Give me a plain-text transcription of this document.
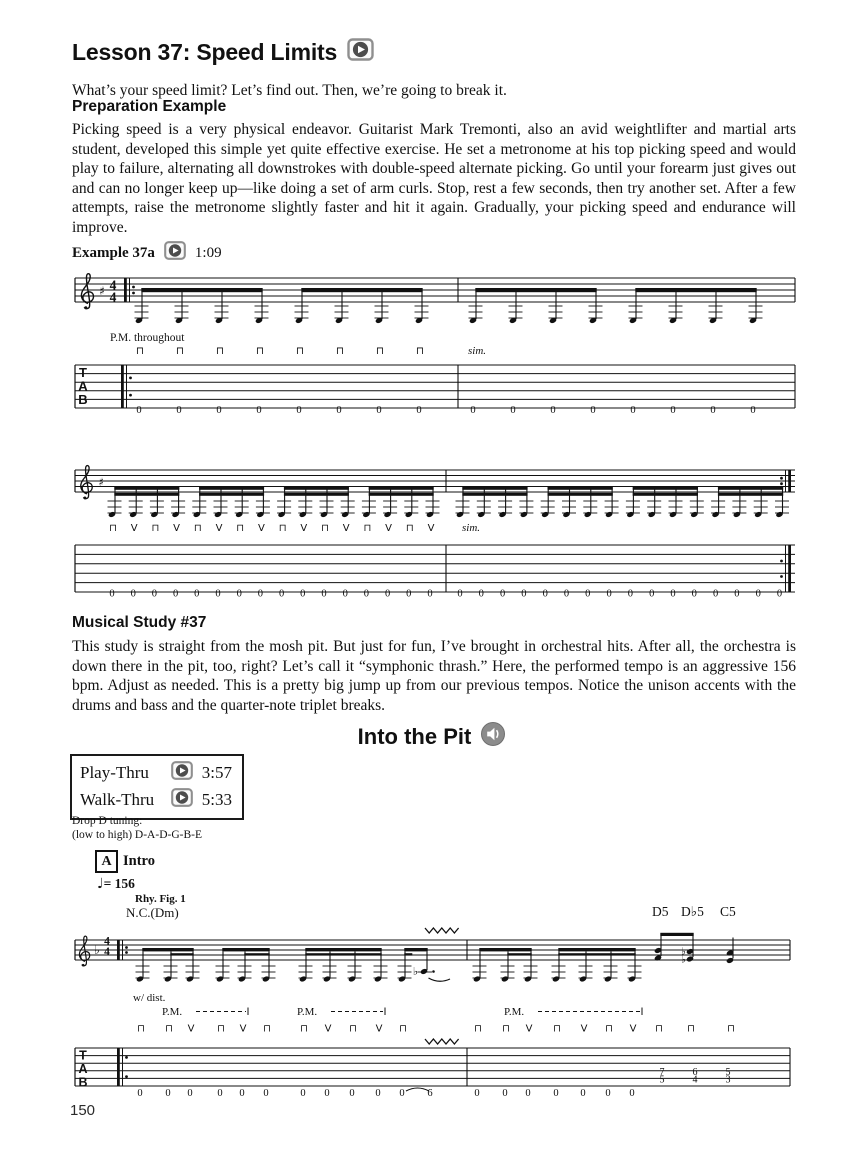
Lesson 37: Speed Limits

What’s your speed limit? Let’s find out. Then, we’re going to break it.

Preparation Example

Picking speed is a very physical endeavor. Guitarist Mark Tremonti, also an avid weightlifter and martial arts student, developed this simple yet quite effective exercise. He set a metronome at his top picking speed and would play to failure, alternating all downstrokes with double-speed alternate picking. Go until your forearm just gives out and can no longer keep up—like doing a set of arm curls. Stop, rest a few seconds, then try another set. After a few attempts, raise the metronome slightly faster and hit it again. Gradually, your picking speed and endurance will improve.

Example 37a	1:09
♯ 4
4
P.M. throughout
⊓	⊓	⊓	⊓	⊓	⊓	⊓	⊓	sim.
T
A
B
0	0	0	0	0	0	0	0	0	0	0	0	0	0	0	0
♯
⊓ V ⊓ V ⊓ V ⊓ V ⊓ V ⊓ V ⊓ V ⊓ V	sim.
0 0 0 0 0 0 0 0 0 0 0 0 0 0 0 0 0 0 0 0 0 0 0 0 0 0 0 0 0 0 0 0
Musical Study #37

This study is straight from the mosh pit. But just for fun, I’ve brought in orchestral hits. After all, the orchestra is down there in the pit, too, right? Let’s call it “symphonic thrash.” Here, the performed tempo is an aggressive 156 bpm. Adjust as needed. This is a pretty big jump up from our previous tempos. Notice the unison accents with the drums and bass and the quarter-note triplet breaks.

Into the Pit
Play-Thru	3:57
Walk-Thru	5:33
Drop D tuning:
(low to high) D-A-D-G-B-E
A Intro
♩= 156
Rhy. Fig. 1
N.C.(Dm)	D5 D♭5 C5
♭
4
4
♭
♭
♭
w/ dist.
P.M.	P.M.	P.M.
⊓ ⊓ V ⊓ V ⊓	⊓ V ⊓ V ⊓	⊓ ⊓ V ⊓ V ⊓ V ⊓ ⊓	⊓
T
A
B
0 0 0 0 0 0	0 0 0 0 0 6	0 0 0 0 0 0 0
7
5
6
4
5
3
150
